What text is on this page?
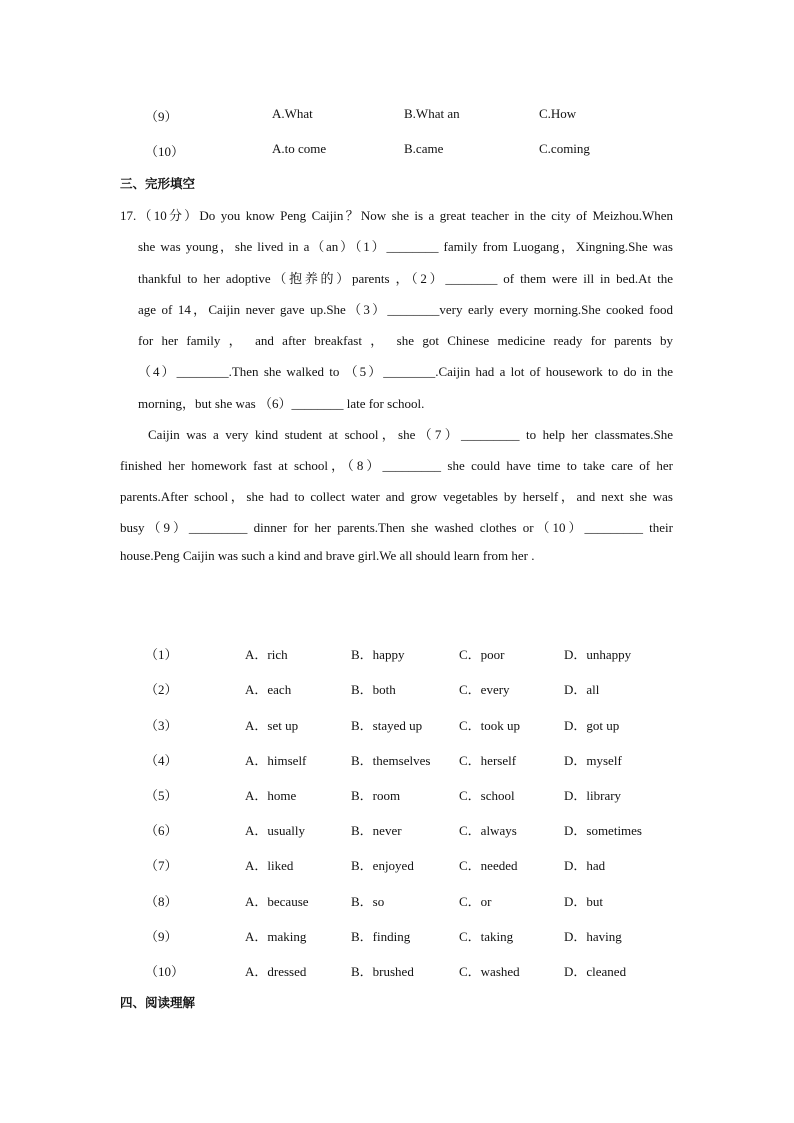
（9）	A.What	B.What an	C.How
（10）	A.to come	B.came	C.coming
三、完形填空
17.（10分）Do you know Peng Caijin？Now she is a great teacher in the city of Meizhou.When
she was young，she lived in a（an）（1）________ family from Luogang，Xingning.She was
thankful to her adoptive（抱养的）parents ，（2）________ of them were ill in bed.At the
age of 14，Caijin never gave up.She（3）________very early every morning.She cooked food
for her family ， and after breakfast ， she got Chinese medicine ready for parents by
（4）________.Then she walked to （5）________.Caijin had a lot of housework to do in the
morning，but she was （6）________ late for school.
Caijin was a very kind student at school，she（7）_________ to help her classmates.She
finished her homework fast at school，（8）_________ she could have time to take care of her
parents.After school，she had to collect water and grow vegetables by herself，and next she was
busy（9）_________ dinner for her parents.Then she washed clothes or（10）_________ their
house.Peng Caijin was such a kind and brave girl.We all should learn from her .
（1）	A．rich	B．happy	C．poor	D．unhappy
（2）	A．each	B．both	C．every	D．all
（3）	A．set up	B．stayed up	C．took up	D．got up
（4）	A．himself	B．themselves C．herself	D．myself
（5）	A．home	B．room	C．school	D．library
（6）	A．usually	B．never	C．always	D．sometimes
（7）	A．liked	B．enjoyed	C．needed	D．had
（8）	A．because	B．so	C．or	D．but
（9）	A．making	B．finding	C．taking	D．having
（10）	A．dressed	B．brushed	C．washed	D．cleaned
四、阅读理解
